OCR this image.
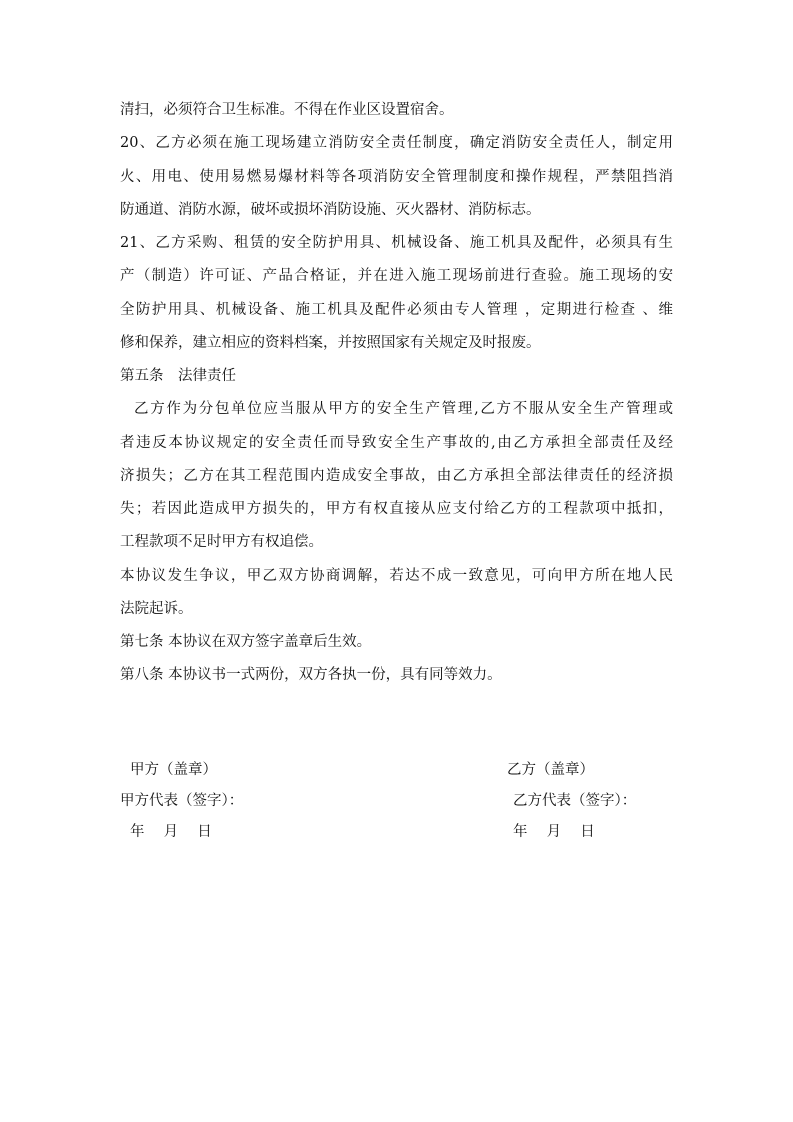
清扫，必须符合卫生标准。不得在作业区设置宿舍。
20、乙方必须在施工现场建立消防安全责任制度，确定消防安全责任人，制定用
火、用电、使用易燃易爆材料等各项消防安全管理制度和操作规程，严禁阻挡消
防通道、消防水源，破坏或损坏消防设施、灭火器材、消防标志。
21、乙方采购、租赁的安全防护用具、机械设备、施工机具及配件，必须具有生
产（制造）许可证、产品合格证，并在进入施工现场前进行查验。施工现场的安
全防护用具、机械设备、施工机具及配件必须由专人管理 ，定期进行检查 、维
修和保养，建立相应的资料档案，并按照国家有关规定及时报废。
第五条　法律责任
乙方作为分包单位应当服从甲方的安全生产管理,乙方不服从安全生产管理或
者违反本协议规定的安全责任而导致安全生产事故的,由乙方承担全部责任及经
济损失；乙方在其工程范围内造成安全事故，由乙方承担全部法律责任的经济损
失；若因此造成甲方损失的，甲方有权直接从应支付给乙方的工程款项中抵扣，
工程款项不足时甲方有权追偿。
本协议发生争议，甲乙双方协商调解，若达不成一致意见，可向甲方所在地人民
法院起诉。
第七条 本协议在双方签字盖章后生效。
第八条 本协议书一式两份，双方各执一份，具有同等效力。
甲方（盖章）	乙方（盖章）
甲方代表（签字）：	乙方代表（签字）：
年　 月　 日	年　 月　 日
